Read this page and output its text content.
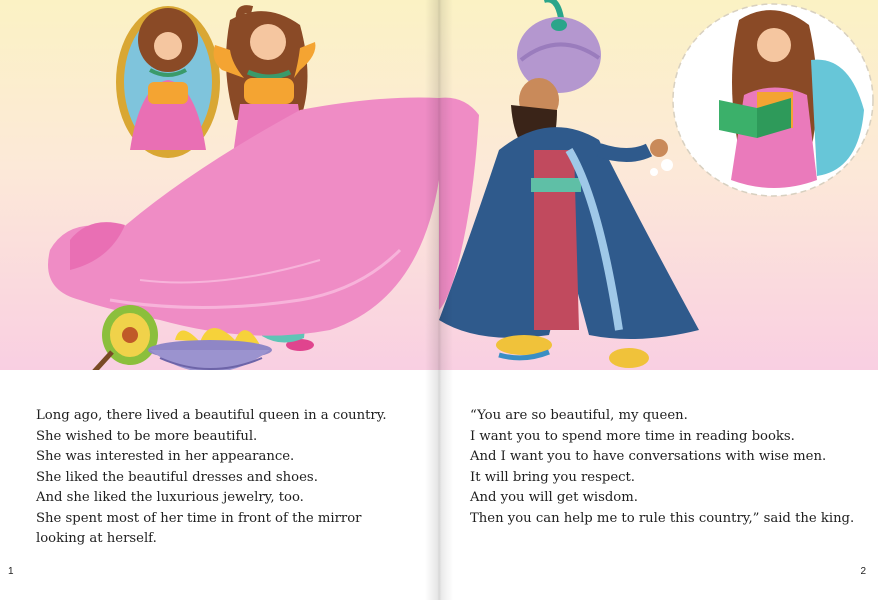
Long ago, there lived a beautiful queen in a country.
She wished to be more beautiful.
She was interested in her appearance.
She liked the beautiful dresses and shoes.
And she liked the luxurious jewelry, too.
She spent most of her time in front of the mirror
looking at herself.
1
“You are so beautiful, my queen.
I want you to spend more time in reading books.
And I want you to have conversations with wise men.
It will bring you respect.
And you will get wisdom.
Then you can help me to rule this country,” said the king.
2
